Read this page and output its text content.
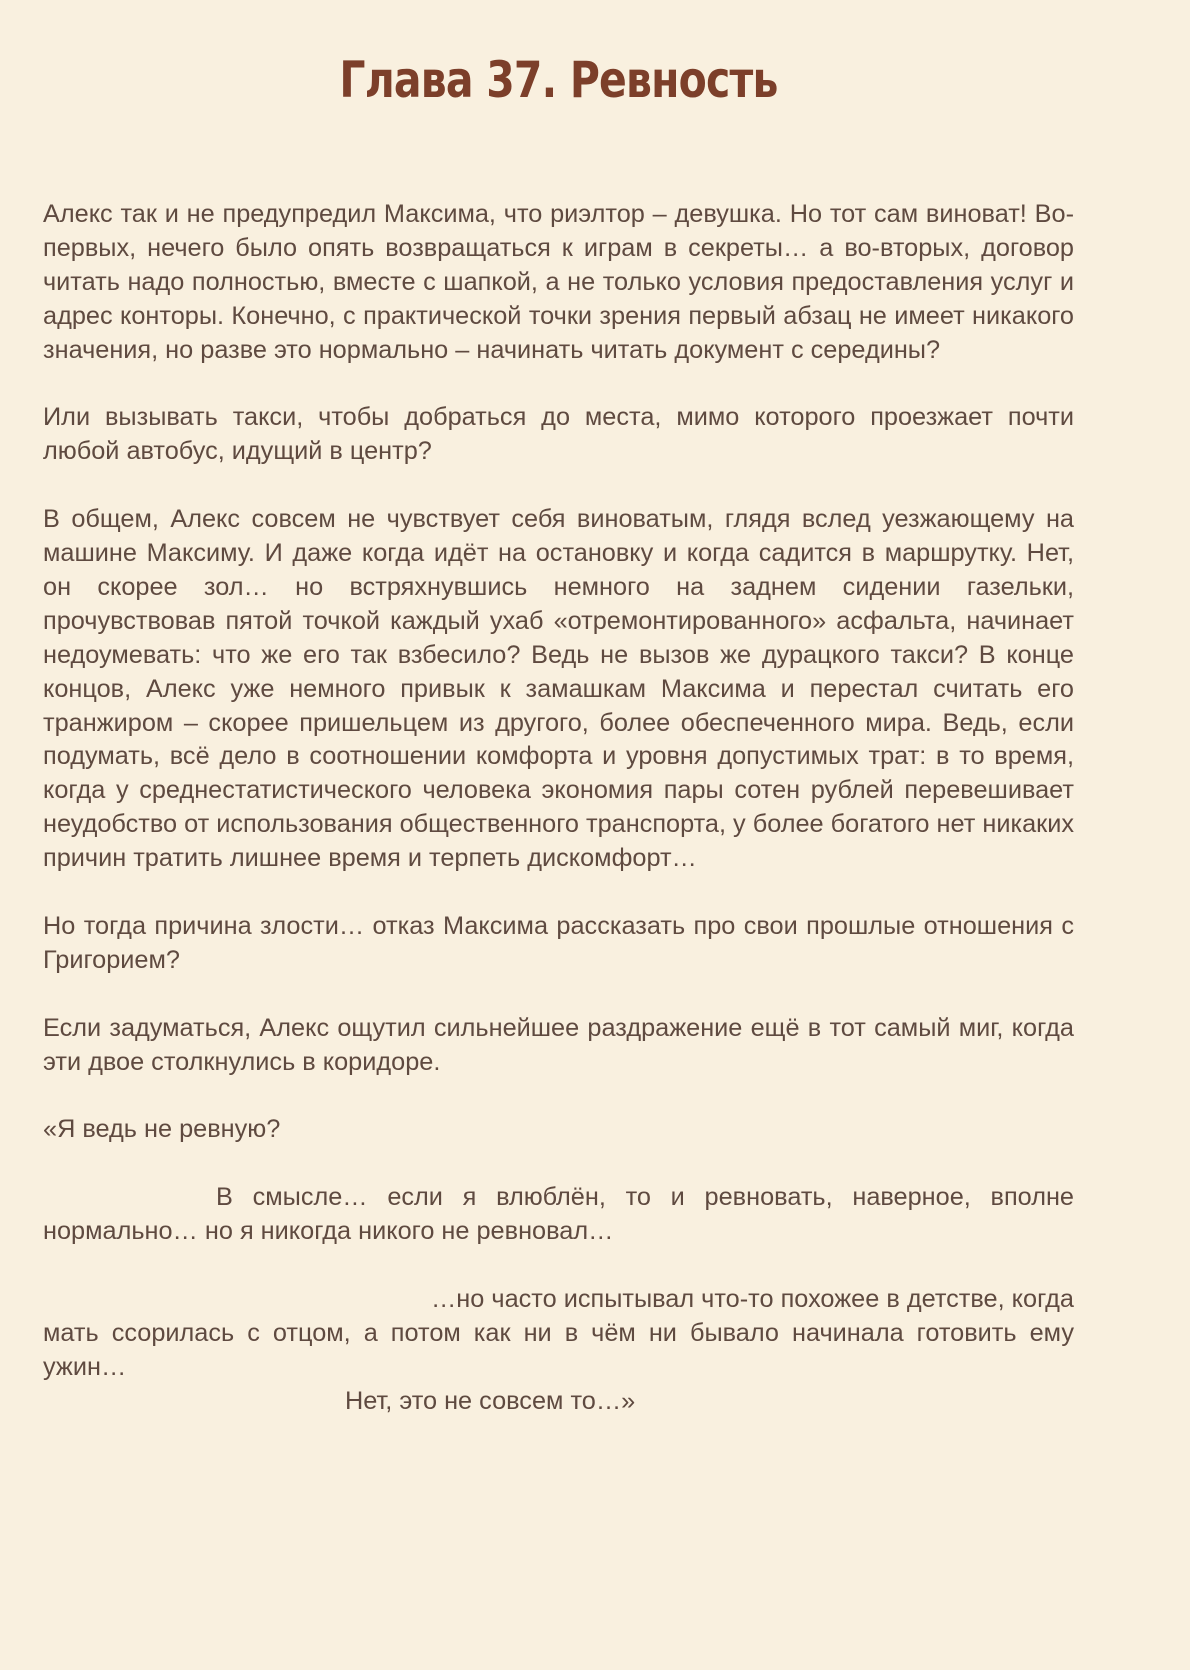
Глава 37. Ревность

Алекс так и не предупредил Максима, что риэлтор – девушка. Но тот сам виноват! Во-первых, нечего было опять возвращаться к играм в секреты… а во-вторых, договор читать надо полностью, вместе с шапкой, а не только условия предоставления услуг и адрес конторы. Конечно, с практической точки зрения первый абзац не имеет никакого значения, но разве это нормально – начинать читать документ с середины?

Или вызывать такси, чтобы добраться до места, мимо которого проезжает почти любой автобус, идущий в центр?

В общем, Алекс совсем не чувствует себя виноватым, глядя вслед уезжающему на машине Максиму. И даже когда идёт на остановку и когда садится в маршрутку. Нет, он скорее зол… но встряхнувшись немного на заднем сидении газельки, прочувствовав пятой точкой каждый ухаб «отремонтированного» асфальта, начинает недоумевать: что же его так взбесило? Ведь не вызов же дурацкого такси? В конце концов, Алекс уже немного привык к замашкам Максима и перестал считать его транжиром – скорее пришельцем из другого, более обеспеченного мира. Ведь, если подумать, всё дело в соотношении комфорта и уровня допустимых трат: в то время, когда у среднестатистического человека экономия пары сотен рублей перевешивает неудобство от использования общественного транспорта, у более богатого нет никаких причин тратить лишнее время и терпеть дискомфорт…

Но тогда причина злости… отказ Максима рассказать про свои прошлые отношения с Григорием?

Если задуматься, Алекс ощутил сильнейшее раздражение ещё в тот самый миг, когда эти двое столкнулись в коридоре.

«Я ведь не ревную?

В смысле… если я влюблён, то и ревновать, наверное, вполне нормально… но я никогда никого не ревновал…

…но часто испытывал что-то похожее в детстве, когда мать ссорилась с отцом, а потом как ни в чём ни бывало начинала готовить ему ужин…

Нет, это не совсем то…»
